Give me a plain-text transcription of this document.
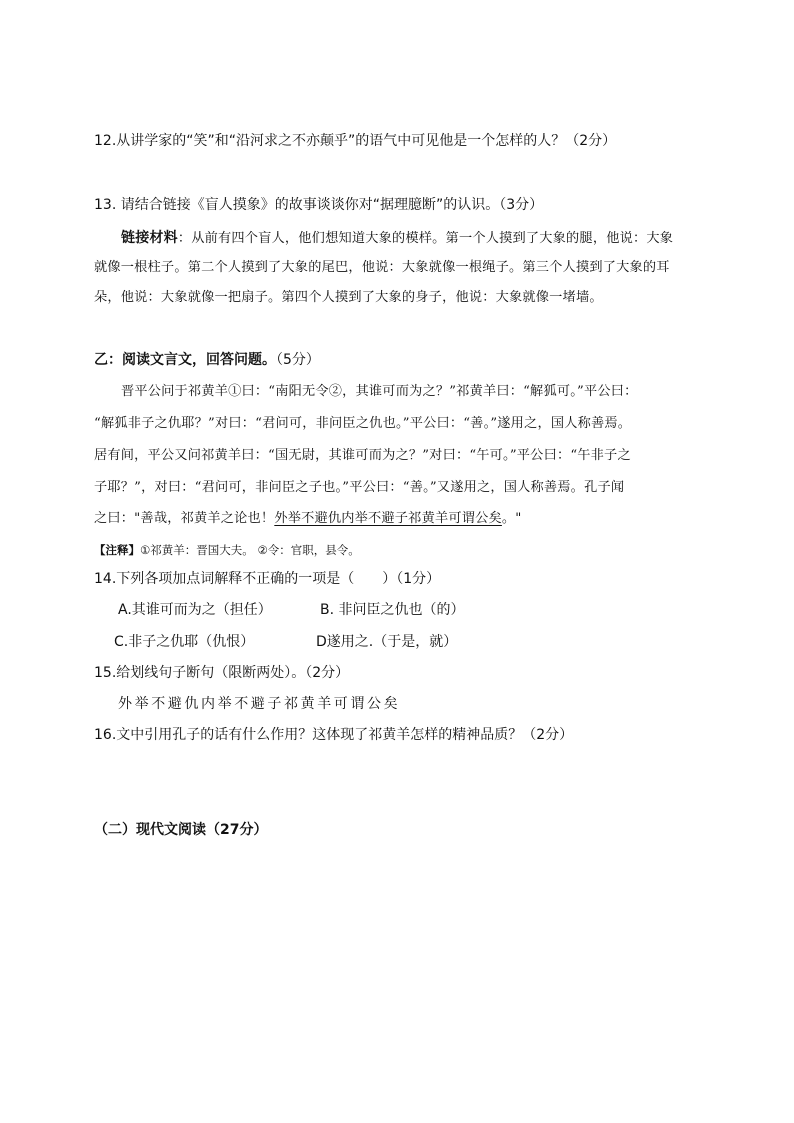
12.从讲学家的“笑”和“沿河求之不亦颠乎”的语气中可见他是一个怎样的人？（2分）
13. 请结合链接《盲人摸象》的故事谈谈你对“据理臆断”的认识。（3分）
链接材料：从前有四个盲人，他们想知道大象的模样。第一个人摸到了大象的腿，他说：大象
就像一根柱子。第二个人摸到了大象的尾巴，他说：大象就像一根绳子。第三个人摸到了大象的耳
朵，他说：大象就像一把扇子。第四个人摸到了大象的身子，他说：大象就像一堵墙。
乙：阅读文言文，回答问题。（5分）
晋平公问于祁黄羊①曰：“南阳无令②，其谁可而为之？”祁黄羊曰：“解狐可。”平公曰：
“解狐非子之仇耶？”对曰：“君问可，非问臣之仇也。”平公曰：“善。”遂用之，国人称善焉。
居有间，平公又问祁黄羊曰：“国无尉，其谁可而为之？”对曰：“午可。”平公曰：“午非子之
子耶？”，对曰：“君问可，非问臣之子也。”平公曰：“善。”又遂用之，国人称善焉。孔子闻
之曰："善哉，祁黄羊之论也！外举不避仇内举不避子祁黄羊可谓公矣。"
【注释】①祁黄羊：晋国大夫。 ②令：官职，县令。
14.下列各项加点词解释不正确的一项是（　　）（1分）
A.其谁可而为之（担任）	B. 非问臣之仇也（的）
C.非子之仇耶（仇恨）	D遂用之.（于是，就）
15.给划线句子断句（限断两处）。（2分）
外举不避仇内举不避子祁黄羊可谓公矣
16.文中引用孔子的话有什么作用？这体现了祁黄羊怎样的精神品质？（2分）
（二）现代文阅读（27分）
